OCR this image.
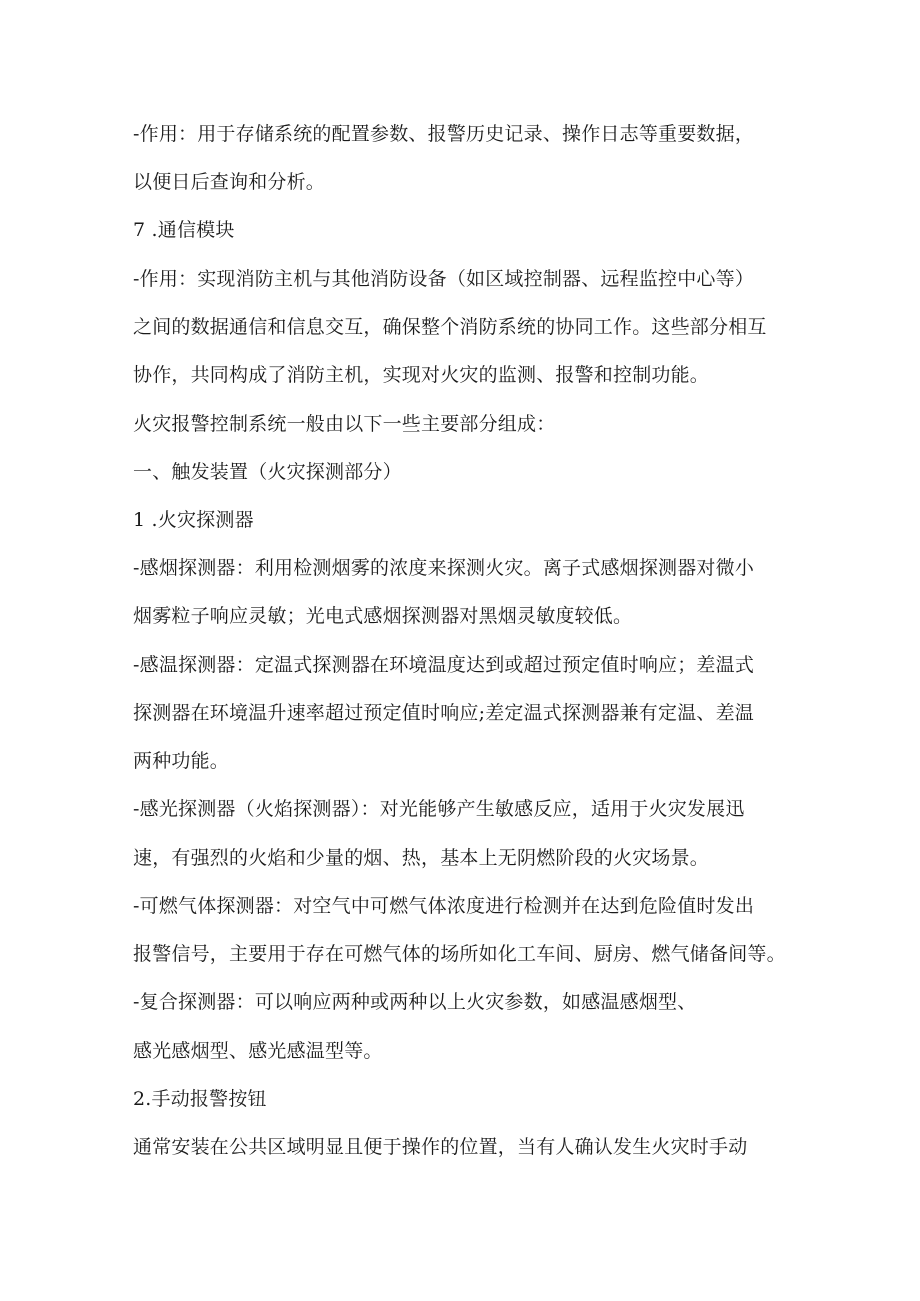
-作用：用于存储系统的配置参数、报警历史记录、操作日志等重要数据，
以便日后查询和分析。
7 .通信模块
-作用：实现消防主机与其他消防设备（如区域控制器、远程监控中心等）
之间的数据通信和信息交互，确保整个消防系统的协同工作。这些部分相互
协作，共同构成了消防主机，实现对火灾的监测、报警和控制功能。
火灾报警控制系统一般由以下一些主要部分组成：
一、触发装置（火灾探测部分）
1 .火灾探测器
-感烟探测器：利用检测烟雾的浓度来探测火灾。离子式感烟探测器对微小
烟雾粒子响应灵敏；光电式感烟探测器对黑烟灵敏度较低。
-感温探测器：定温式探测器在环境温度达到或超过预定值时响应；差温式
探测器在环境温升速率超过预定值时响应;差定温式探测器兼有定温、差温
两种功能。
-感光探测器（火焰探测器）：对光能够产生敏感反应，适用于火灾发展迅
速，有强烈的火焰和少量的烟、热，基本上无阴燃阶段的火灾场景。
-可燃气体探测器：对空气中可燃气体浓度进行检测并在达到危险值时发出
报警信号，主要用于存在可燃气体的场所如化工车间、厨房、燃气储备间等。
-复合探测器：可以响应两种或两种以上火灾参数，如感温感烟型、
感光感烟型、感光感温型等。
2.手动报警按钮
通常安装在公共区域明显且便于操作的位置，当有人确认发生火灾时手动
